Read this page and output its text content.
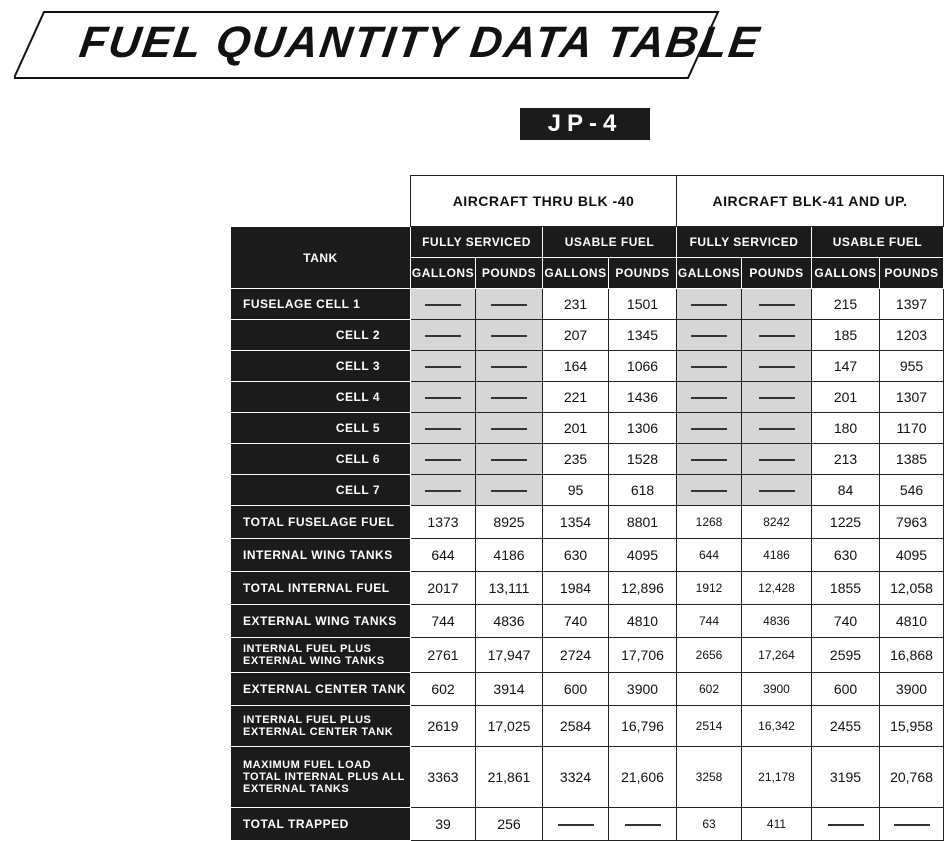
FUEL QUANTITY DATA TABLE
JP-4
	AIRCRAFT THRU BLK -40				AIRCRAFT BLK-41 AND UP.			
TANK	FULLY SERVICED		USABLE FUEL		FULLY SERVICED		USABLE FUEL	
	GALLONS	POUNDS	GALLONS	POUNDS	GALLONS	POUNDS	GALLONS	POUNDS
FUSELAGE CELL 1			231	1501			215	1397
CELL 2			207	1345			185	1203
CELL 3			164	1066			147	955
CELL 4			221	1436			201	1307
CELL 5			201	1306			180	1170
CELL 6			235	1528			213	1385
CELL 7			95	618			84	546
TOTAL FUSELAGE FUEL	1373	8925	1354	8801	1268	8242	1225	7963
INTERNAL WING TANKS	644	4186	630	4095	644	4186	630	4095
TOTAL INTERNAL FUEL	2017	13,111	1984	12,896	1912	12,428	1855	12,058
EXTERNAL WING TANKS	744	4836	740	4810	744	4836	740	4810
INTERNAL FUEL PLUS EXTERNAL WING TANKS	2761	17,947	2724	17,706	2656	17,264	2595	16,868
EXTERNAL CENTER TANK	602	3914	600	3900	602	3900	600	3900
INTERNAL FUEL PLUS EXTERNAL CENTER TANK	2619	17,025	2584	16,796	2514	16,342	2455	15,958
MAXIMUM FUEL LOAD TOTAL INTERNAL PLUS ALL EXTERNAL TANKS	3363	21,861	3324	21,606	3258	21,178	3195	20,768
TOTAL TRAPPED	39	256			63	411		
